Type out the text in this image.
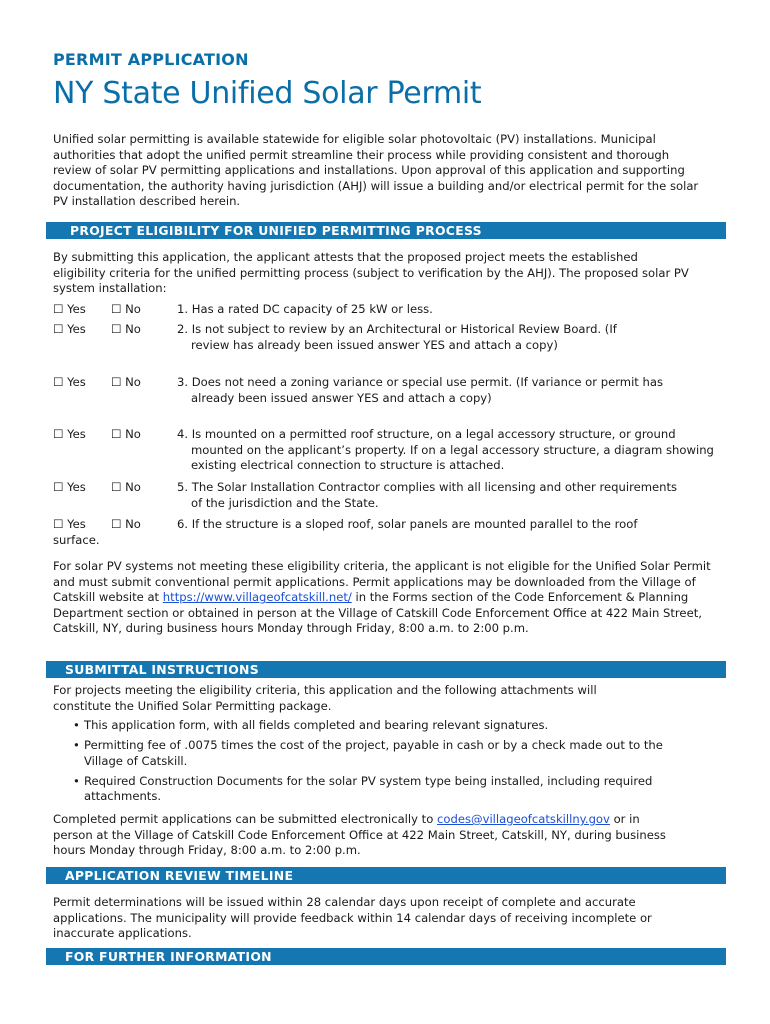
PERMIT APPLICATION
NY State Unified Solar Permit
Unified solar permitting is available statewide for eligible solar photovoltaic (PV) installations. Municipal authorities that adopt the unified permit streamline their process while providing consistent and thorough review of solar PV permitting applications and installations. Upon approval of this application and supporting documentation, the authority having jurisdiction (AHJ) will issue a building and/or electrical permit for the solar PV installation described herein.
PROJECT ELIGIBILITY FOR UNIFIED PERMITTING PROCESS
By submitting this application, the applicant attests that the proposed project meets the established eligibility criteria for the unified permitting process (subject to verification by the AHJ). The proposed solar PV system installation:
☐ Yes ☐ No	1. Has a rated DC capacity of 25 kW or less.
☐ Yes ☐ No	2. Is not subject to review by an Architectural or Historical Review Board. (If review has already been issued answer YES and attach a copy)
☐ Yes ☐ No	3. Does not need a zoning variance or special use permit. (If variance or permit has already been issued answer YES and attach a copy)
☐ Yes ☐ No	4. Is mounted on a permitted roof structure, on a legal accessory structure, or ground mounted on the applicant’s property. If on a legal accessory structure, a diagram showing existing electrical connection to structure is attached.
☐ Yes ☐ No	5. The Solar Installation Contractor complies with all licensing and other requirements of the jurisdiction and the State.
☐ Yes ☐ No	6. If the structure is a sloped roof, solar panels are mounted parallel to the roof
surface.
For solar PV systems not meeting these eligibility criteria, the applicant is not eligible for the Unified Solar Permit and must submit conventional permit applications. Permit applications may be downloaded from the Village of Catskill website at https://www.villageofcatskill.net/ in the Forms section of the Code Enforcement & Planning Department section or obtained in person at the Village of Catskill Code Enforcement Office at 422 Main Street, Catskill, NY, during business hours Monday through Friday, 8:00 a.m. to 2:00 p.m.
SUBMITTAL INSTRUCTIONS
For projects meeting the eligibility criteria, this application and the following attachments will constitute the Unified Solar Permitting package.
• This application form, with all fields completed and bearing relevant signatures.
• Permitting fee of .0075 times the cost of the project, payable in cash or by a check made out to the Village of Catskill.
• Required Construction Documents for the solar PV system type being installed, including required attachments.
Completed permit applications can be submitted electronically to codes@villageofcatskillny.gov or in person at the Village of Catskill Code Enforcement Office at 422 Main Street, Catskill, NY, during business hours Monday through Friday, 8:00 a.m. to 2:00 p.m.
APPLICATION REVIEW TIMELINE
Permit determinations will be issued within 28 calendar days upon receipt of complete and accurate applications. The municipality will provide feedback within 14 calendar days of receiving incomplete or inaccurate applications.
FOR FURTHER INFORMATION
